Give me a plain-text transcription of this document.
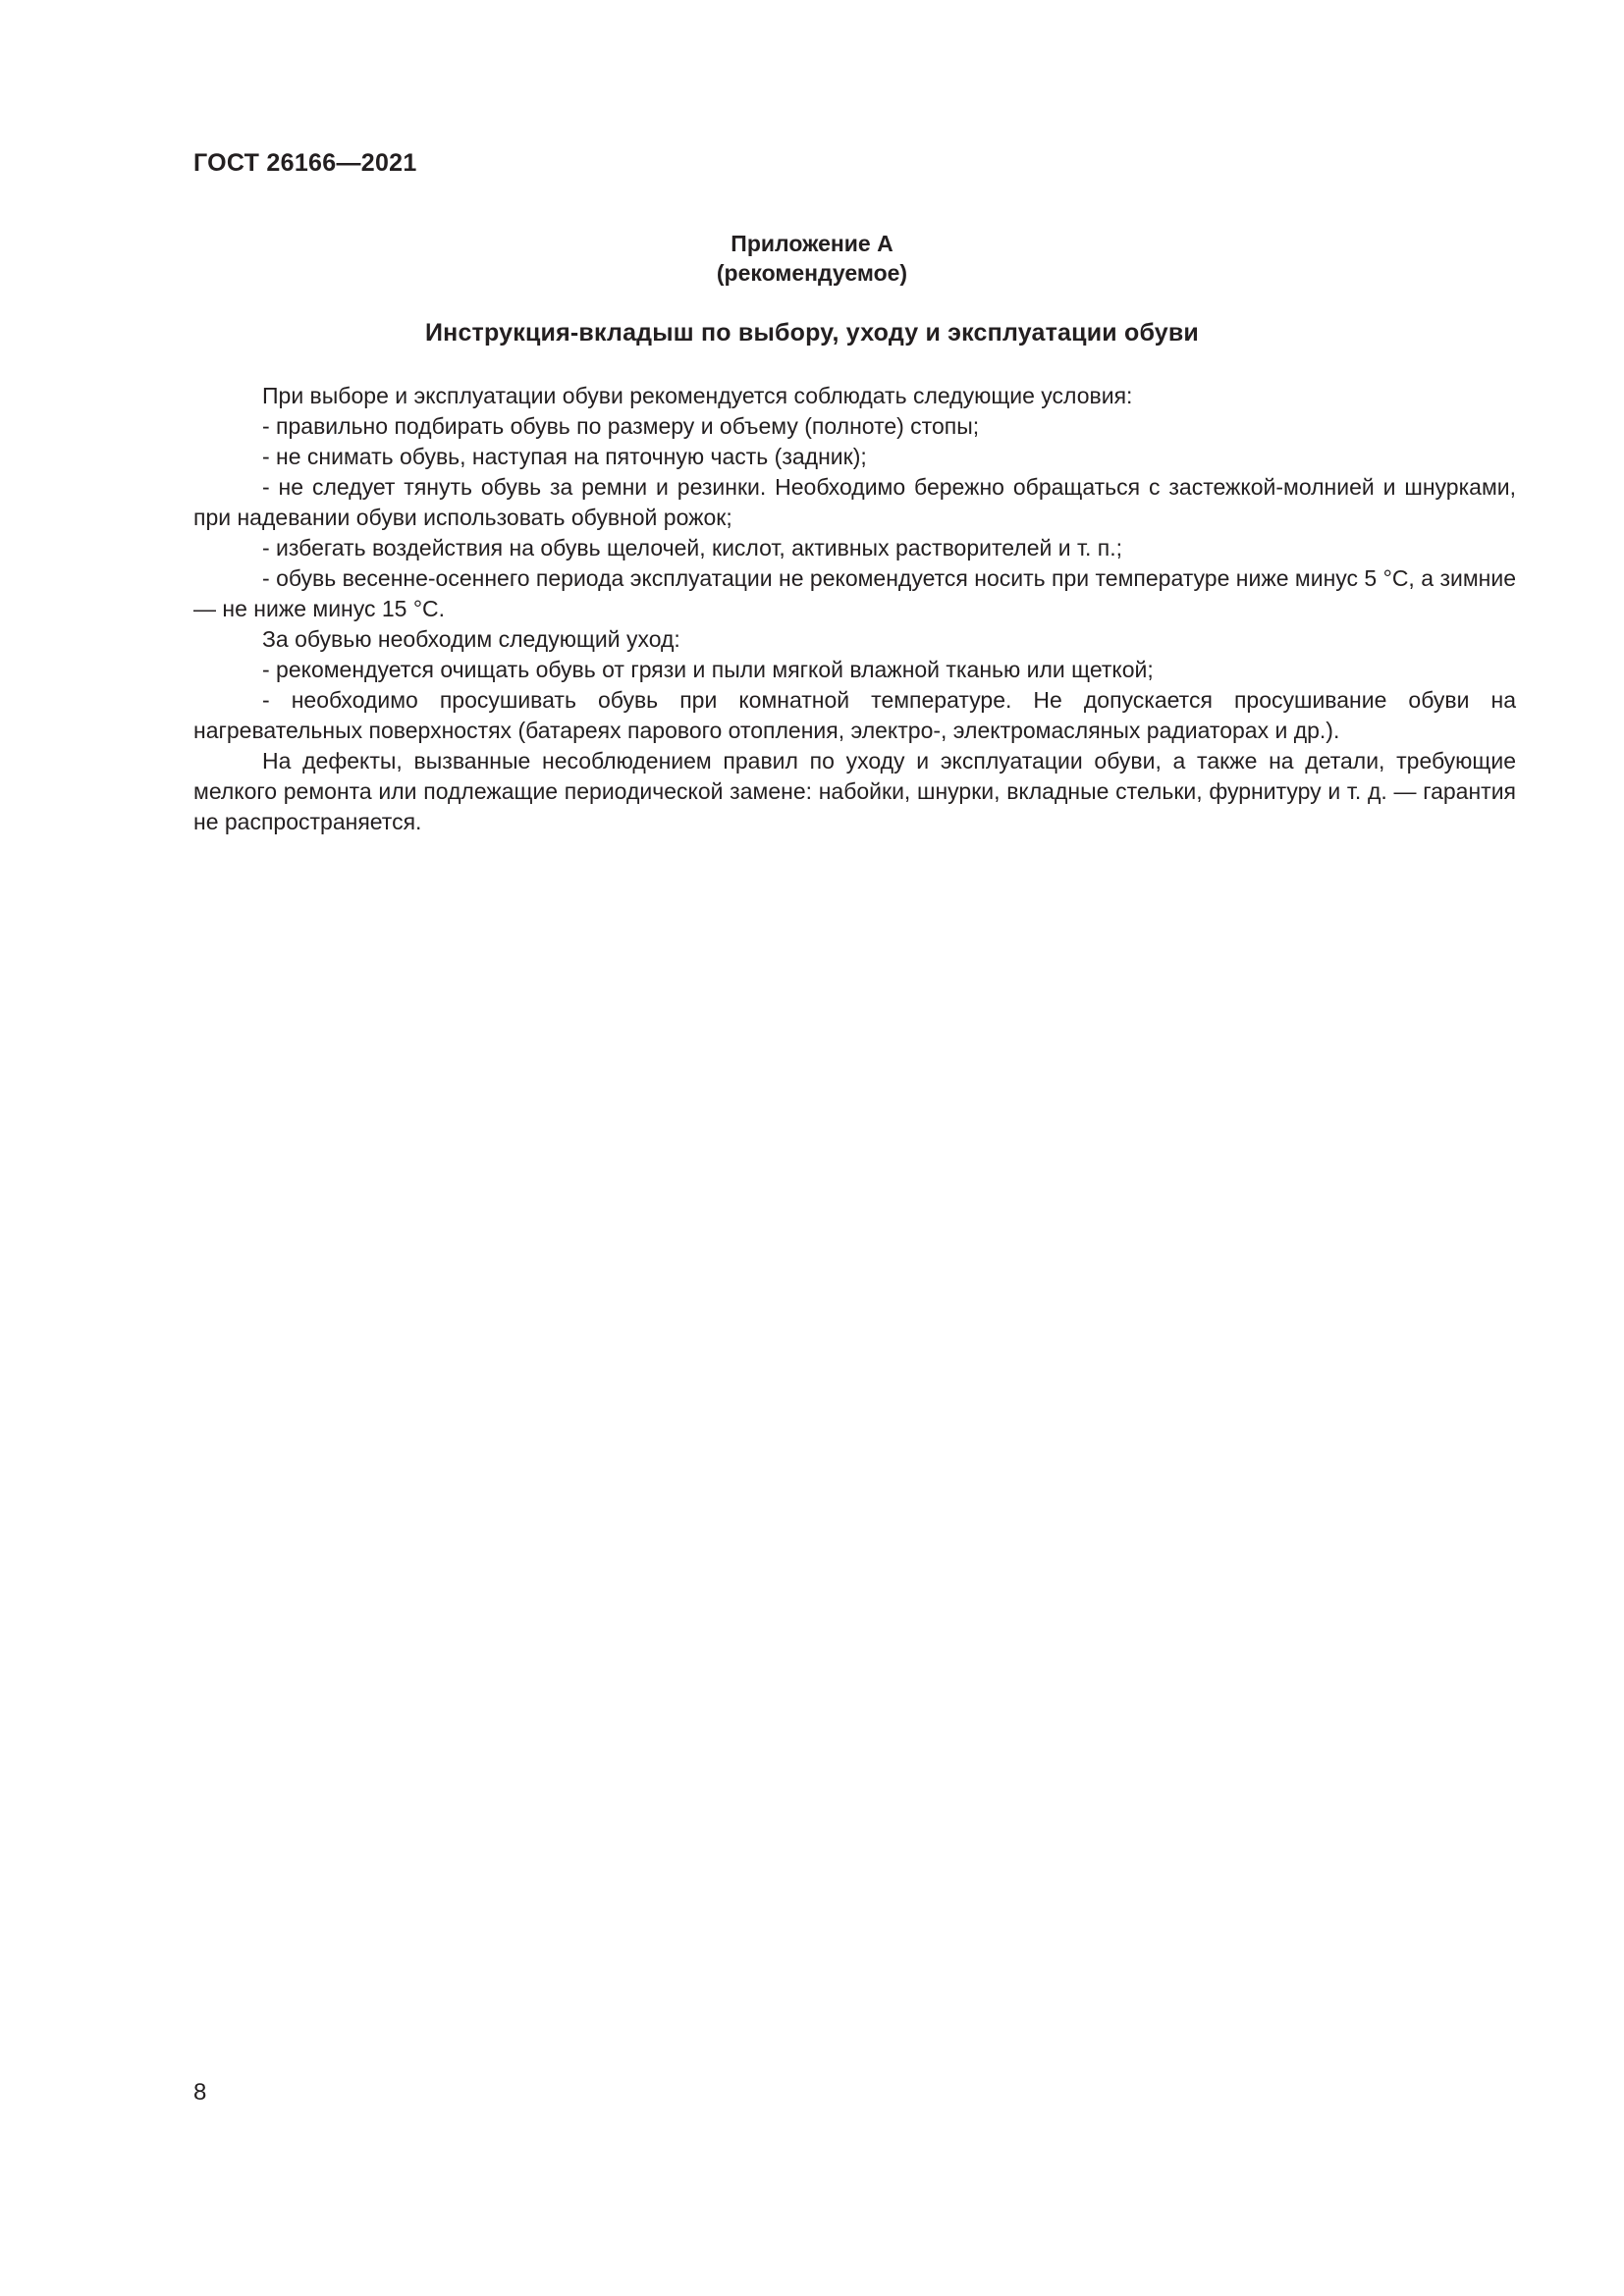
ГОСТ 26166—2021
Приложение А
(рекомендуемое)
Инструкция-вкладыш по выбору, уходу и эксплуатации обуви

При выборе и эксплуатации обуви рекомендуется соблюдать следующие условия:

- правильно подбирать обувь по размеру и объему (полноте) стопы;

- не снимать обувь, наступая на пяточную часть (задник);

- не следует тянуть обувь за ремни и резинки. Необходимо бережно обращаться с застежкой-молнией и шнурками, при надевании обуви использовать обувной рожок;

- избегать воздействия на обувь щелочей, кислот, активных растворителей и т. п.;

- обувь весенне-осеннего периода эксплуатации не рекомендуется носить при температуре ниже минус 5 °С, а зимние — не ниже минус 15 °С.

За обувью необходим следующий уход:

- рекомендуется очищать обувь от грязи и пыли мягкой влажной тканью или щеткой;

- необходимо просушивать обувь при комнатной температуре. Не допускается просушивание обуви на нагревательных поверхностях (батареях парового отопления, электро-, электромасляных радиаторах и др.).

На дефекты, вызванные несоблюдением правил по уходу и эксплуатации обуви, а также на детали, требующие мелкого ремонта или подлежащие периодической замене: набойки, шнурки, вкладные стельки, фурнитуру и т. д. — гарантия не распространяется.

8
